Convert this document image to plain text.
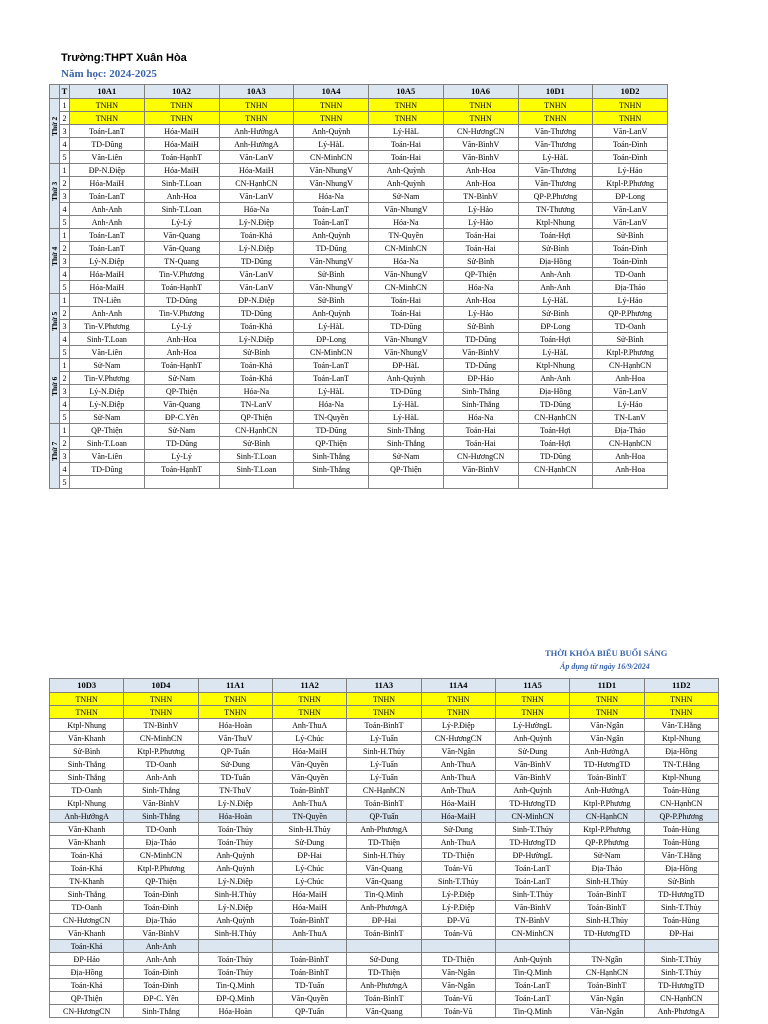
Trường:THPT Xuân Hòa
Năm học: 2024-2025
	T	10A1	10A2	10A3	10A4	10A5	10A6	10D1	10D2

Thứ 2	1	TNHN	TNHN	TNHN	TNHN	TNHN	TNHN	TNHN	TNHN
	2	TNHN	TNHN	TNHN	TNHN	TNHN	TNHN	TNHN	TNHN
	3	Toán-LanT	Hóa-MaiH	Anh-HưởngA	Anh-Quỳnh	Lý-HàL	CN-HươngCN	Văn-Thương	Văn-LanV
	4	TD-Dũng	Hóa-MaiH	Anh-HưởngA	Lý-HàL	Toán-Hai	Văn-BìnhV	Văn-Thương	Toán-Đình
	5	Văn-Liên	Toán-HạnhT	Văn-LanV	CN-MinhCN	Toán-Hai	Văn-BìnhV	Lý-HàL	Toán-Đình

Thứ 3	1	ĐP-N.Điệp	Hóa-MaiH	Hóa-MaiH	Văn-NhungV	Anh-Quỳnh	Anh-Hoa	Văn-Thương	Lý-Hảo
	2	Hóa-MaiH	Sinh-T.Loan	CN-HạnhCN	Văn-NhungV	Anh-Quỳnh	Anh-Hoa	Văn-Thương	Ktpl-P.Phương
	3	Toán-LanT	Anh-Hoa	Văn-LanV	Hóa-Na	Sử-Nam	TN-BìnhV	QP-P.Phương	ĐP-Long
	4	Anh-Anh	Sinh-T.Loan	Hóa-Na	Toán-LanT	Văn-NhungV	Lý-Hảo	TN-Thương	Văn-LanV
	5	Anh-Anh	Lý-Lý	Lý-N.Điệp	Toán-LanT	Hóa-Na	Lý-Hảo	Ktpl-Nhung	Văn-LanV

Thứ 4	1	Toán-LanT	Văn-Quang	Toán-Khả	Anh-Quỳnh	TN-Quyền	Toán-Hai	Toán-Hợi	Sử-Bình
	2	Toán-LanT	Văn-Quang	Lý-N.Điệp	TD-Dũng	CN-MinhCN	Toán-Hai	Sử-Bình	Toán-Đình
	3	Lý-N.Điệp	TN-Quang	TD-Dũng	Văn-NhungV	Hóa-Na	Sử-Bình	Địa-Hồng	Toán-Đình
	4	Hóa-MaiH	Tin-V.Phương	Văn-LanV	Sử-Bình	Văn-NhungV	QP-Thiện	Anh-Anh	TD-Oanh
	5	Hóa-MaiH	Toán-HạnhT	Văn-LanV	Văn-NhungV	CN-MinhCN	Hóa-Na	Anh-Anh	Địa-Thảo

Thứ 5	1	TN-Liên	TD-Dũng	ĐP-N.Điệp	Sử-Bình	Toán-Hai	Anh-Hoa	Lý-HàL	Lý-Hảo
	2	Anh-Anh	Tin-V.Phương	TD-Dũng	Anh-Quỳnh	Toán-Hai	Lý-Hảo	Sử-Bình	QP-P.Phương
	3	Tin-V.Phương	Lý-Lý	Toán-Khả	Lý-HàL	TD-Dũng	Sử-Bình	ĐP-Long	TD-Oanh
	4	Sinh-T.Loan	Anh-Hoa	Lý-N.Điệp	ĐP-Long	Văn-NhungV	TD-Dũng	Toán-Hợi	Sử-Bình
	5	Văn-Liên	Anh-Hoa	Sử-Bình	CN-MinhCN	Văn-NhungV	Văn-BìnhV	Lý-HàL	Ktpl-P.Phương

Thứ 6	1	Sử-Nam	Toán-HạnhT	Toán-Khả	Toán-LanT	ĐP-HàL	TD-Dũng	Ktpl-Nhung	CN-HạnhCN
	2	Tin-V.Phương	Sử-Nam	Toán-Khả	Toán-LanT	Anh-Quỳnh	ĐP-Hảo	Anh-Anh	Anh-Hoa
	3	Lý-N.Điệp	QP-Thiện	Hóa-Na	Lý-HàL	TD-Dũng	Sinh-Thắng	Địa-Hồng	Văn-LanV
	4	Lý-N.Điệp	Văn-Quang	TN-LanV	Hóa-Na	Lý-HàL	Sinh-Thắng	TD-Dũng	Lý-Hảo
	5	Sử-Nam	ĐP-C.Yên	QP-Thiện	TN-Quyền	Lý-HàL	Hóa-Na	CN-HạnhCN	TN-LanV

Thứ 7	1	QP-Thiện	Sử-Nam	CN-HạnhCN	TD-Dũng	Sinh-Thắng	Toán-Hai	Toán-Hợi	Địa-Thảo
	2	Sinh-T.Loan	TD-Dũng	Sử-Bình	QP-Thiện	Sinh-Thắng	Toán-Hai	Toán-Hợi	CN-HạnhCN
	3	Văn-Liên	Lý-Lý	Sinh-T.Loan	Sinh-Thắng	Sử-Nam	CN-HươngCN	TD-Dũng	Anh-Hoa
	4	TD-Dũng	Toán-HạnhT	Sinh-T.Loan	Sinh-Thắng	QP-Thiện	Văn-BìnhV	CN-HạnhCN	Anh-Hoa
	5								
THỜI KHÓA BIỂU BUỔI SÁNG
Áp dụng từ ngày 16/9/2024
10D3	10D4	11A1	11A2	11A3	11A4	11A5	11D1	11D2
TNHN	TNHN	TNHN	TNHN	TNHN	TNHN	TNHN	TNHN	TNHN
TNHN	TNHN	TNHN	TNHN	TNHN	TNHN	TNHN	TNHN	TNHN
Ktpl-Nhung	TN-BìnhV	Hóa-Hoàn	Anh-ThuA	Toán-BìnhT	Lý-P.Điệp	Lý-HườngL	Văn-Ngân	Văn-T.Hằng
Văn-Khanh	CN-MinhCN	Văn-ThuV	Lý-Chúc	Lý-Tuấn	CN-HươngCN	Anh-Quỳnh	Văn-Ngân	Ktpl-Nhung
Sử-Bình	Ktpl-P.Phương	QP-Tuấn	Hóa-MaiH	Sinh-H.Thủy	Văn-Ngân	Sử-Dung	Anh-HưởngA	Địa-Hồng
Sinh-Thắng	TD-Oanh	Sử-Dung	Văn-Quyền	Lý-Tuấn	Anh-ThuA	Văn-BìnhV	TD-HươngTD	TN-T.Hằng
Sinh-Thắng	Anh-Anh	TD-Tuấn	Văn-Quyền	Lý-Tuấn	Anh-ThuA	Văn-BìnhV	Toán-BìnhT	Ktpl-Nhung
TD-Oanh	Sinh-Thắng	TN-ThuV	Toán-BìnhT	CN-HạnhCN	Anh-ThuA	Anh-Quỳnh	Anh-HưởngA	Toán-Hùng
Ktpl-Nhung	Văn-BìnhV	Lý-N.Điệp	Anh-ThuA	Toán-BìnhT	Hóa-MaiH	TD-HươngTD	Ktpl-P.Phương	CN-HạnhCN
Anh-HưởngA	Sinh-Thắng	Hóa-Hoàn	TN-Quyền	QP-Tuấn	Hóa-MaiH	CN-MinhCN	CN-HạnhCN	QP-P.Phương
Văn-Khanh	TD-Oanh	Toán-Thủy	Sinh-H.Thủy	Anh-PhươngA	Sử-Dung	Sinh-T.Thủy	Ktpl-P.Phương	Toán-Hùng
Văn-Khanh	Địa-Thảo	Toán-Thủy	Sử-Dung	TD-Thiện	Anh-ThuA	TD-HươngTD	QP-P.Phương	Toán-Hùng
Toán-Khả	CN-MinhCN	Anh-Quỳnh	ĐP-Hai	Sinh-H.Thủy	TD-Thiện	ĐP-HườngL	Sử-Nam	Văn-T.Hằng
Toán-Khả	Ktpl-P.Phương	Anh-Quỳnh	Lý-Chúc	Văn-Quang	Toán-Vũ	Toán-LanT	Địa-Thảo	Địa-Hồng
TN-Khanh	QP-Thiện	Lý-N.Điệp	Lý-Chúc	Văn-Quang	Sinh-T.Thủy	Toán-LanT	Sinh-H.Thủy	Sử-Bình
Sinh-Thắng	Toán-Đình	Sinh-H.Thủy	Hóa-MaiH	Tin-Q.Minh	Lý-P.Điệp	Sinh-T.Thủy	Toán-BìnhT	TD-HươngTD
TD-Oanh	Toán-Đình	Lý-N.Điệp	Hóa-MaiH	Anh-PhươngA	Lý-P.Điệp	Văn-BìnhV	Toán-BìnhT	Sinh-T.Thủy
CN-HươngCN	Địa-Thảo	Anh-Quỳnh	Toán-BìnhT	ĐP-Hai	ĐP-Vũ	TN-BìnhV	Sinh-H.Thủy	Toán-Hùng
Văn-Khanh	Văn-BìnhV	Sinh-H.Thủy	Anh-ThuA	Toán-BìnhT	Toán-Vũ	CN-MinhCN	TD-HươngTD	ĐP-Hai
Toán-Khả	Anh-Anh							
ĐP-Hảo	Anh-Anh	Toán-Thủy	Toán-BìnhT	Sử-Dung	TD-Thiện	Anh-Quỳnh	TN-Ngân	Sinh-T.Thủy
Địa-Hồng	Toán-Đình	Toán-Thủy	Toán-BìnhT	TD-Thiện	Văn-Ngân	Tin-Q.Minh	CN-HạnhCN	Sinh-T.Thủy
Toán-Khả	Toán-Đình	Tin-Q.Minh	TD-Tuấn	Anh-PhươngA	Văn-Ngân	Toán-LanT	Toán-BìnhT	TD-HươngTD
QP-Thiện	ĐP-C. Yên	ĐP-Q.Minh	Văn-Quyền	Toán-BìnhT	Toán-Vũ	Toán-LanT	Văn-Ngân	CN-HạnhCN
CN-HươngCN	Sinh-Thắng	Hóa-Hoàn	QP-Tuấn	Văn-Quang	Toán-Vũ	Tin-Q.Minh	Văn-Ngân	Anh-PhươngA
